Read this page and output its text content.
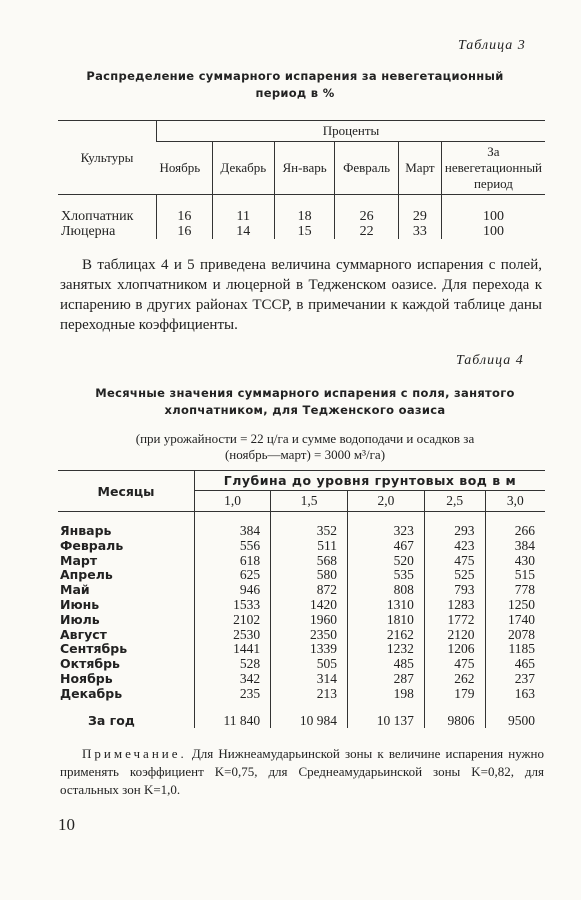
Таблица 3
Распределение суммарного испарения за невегетационный
период в %
Культуры	Проценты					
	Ноябрь	Декабрь	Ян-варь	Февраль	Март	За невегетационный период
Хлопчатник	16	11	18	26	29	100
Люцерна	16	14	15	22	33	100
В таблицах 4 и 5 приведена величина суммарного испарения с полей, занятых хлопчатником и люцерной в Теджeнском оазисе. Для перехода к испарению в других районах ТССР, в примечании к каждой таблице даны переходные коэффициенты.
Таблица 4
Месячные значения суммарного испарения с поля, занятого
хлопчатником, для Теджeнского оазиса
(при урожайности = 22 ц/га и сумме водоподачи и осадков за
(ноябрь—март) = 3000 м³/га)
Месяцы	Глубина до уровня грунтовых вод в м				
	1,0	1,5	2,0	2,5	3,0
Январь	384	352	323	293	266
Февраль	556	511	467	423	384
Март	618	568	520	475	430
Апрель	625	580	535	525	515
Май	946	872	808	793	778
Июнь	1533	1420	1310	1283	1250
Июль	2102	1960	1810	1772	1740
Август	2530	2350	2162	2120	2078
Сентябрь	1441	1339	1232	1206	1185
Октябрь	528	505	485	475	465
Ноябрь	342	314	287	262	237
Декабрь	235	213	198	179	163
За год	11 840	10 984	10 137	9806	9500
Примечание. Для Нижнеамударьинской зоны к величине испарения нужно применять коэффициент K=0,75, для Среднеамударьинской зоны K=0,82, для остальных зон K=1,0.
10
